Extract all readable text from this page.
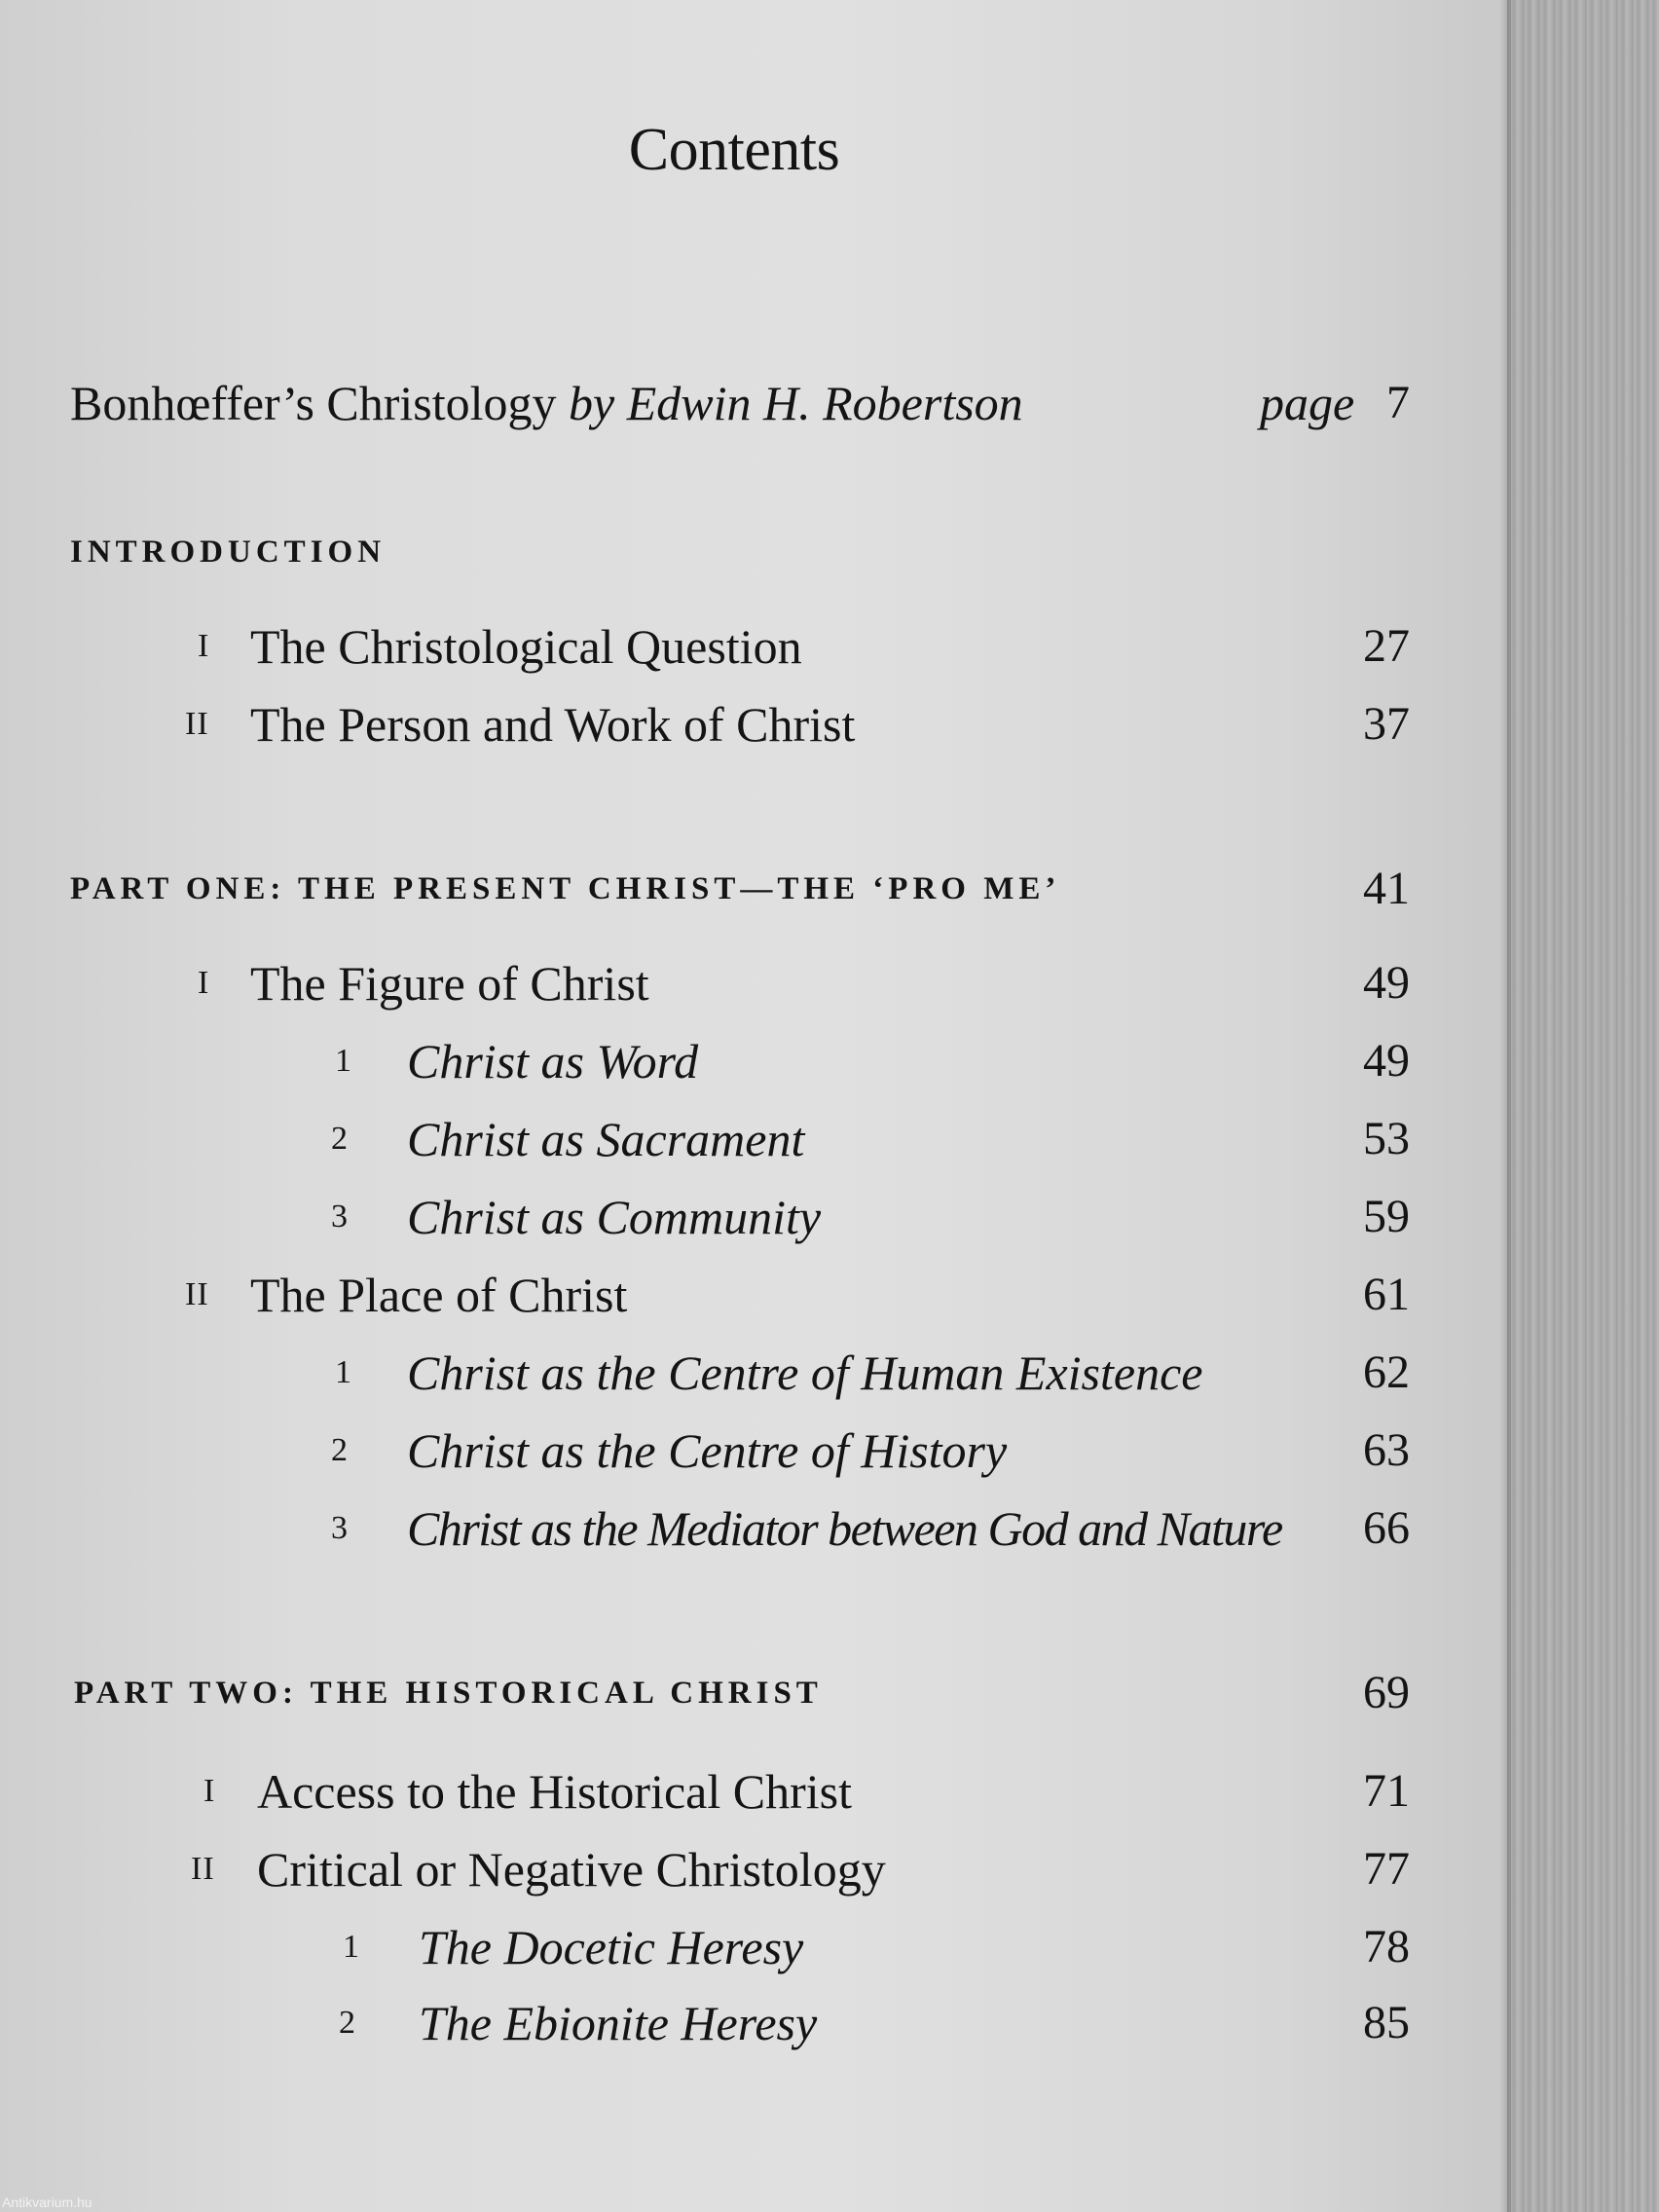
Contents
Bonhœffer’s Christology by Edwin H. Robertson	page 7
INTRODUCTION
I The Christological Question	27
II The Person and Work of Christ	37
PART ONE: THE PRESENT CHRIST—THE ‘PRO ME’	41
I The Figure of Christ	49
1 Christ as Word	49
2 Christ as Sacrament	53
3 Christ as Community	59
II The Place of Christ	61
1 Christ as the Centre of Human Existence	62
2 Christ as the Centre of History	63
3 Christ as the Mediator between God and Nature 66
PART TWO: THE HISTORICAL CHRIST	69
I Access to the Historical Christ	71
II Critical or Negative Christology	77
1 The Docetic Heresy	78
2 The Ebionite Heresy	85
Antikvarium.hu
